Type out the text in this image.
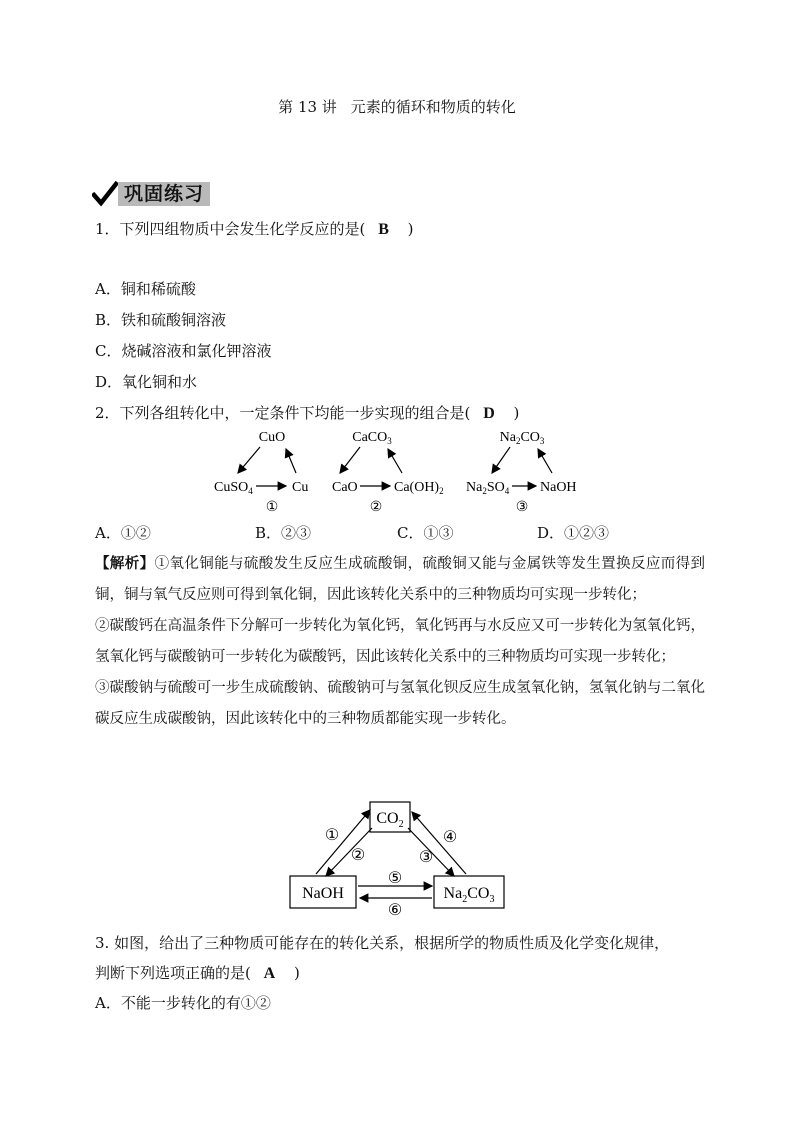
第 13 讲 元素的循环和物质的转化
巩固练习
1．下列四组物质中会发生化学反应的是( B )
A．铜和稀硫酸
B．铁和硫酸铜溶液
C．烧碱溶液和氯化钾溶液
D．氧化铜和水
2．下列各组转化中，一定条件下均能一步实现的组合是( D )
CuO
CuSO$_4$	Cu
①
CaCO$_3$
CaO	$Ca(OH)_2$
②
$Na_2CO_3$
$Na_2SO_4$ NaOH
③
A．①②	B．②③	C．①③	D．①②③
【解析】①氧化铜能与硫酸发生反应生成硫酸铜，硫酸铜又能与金属铁等发生置换反应而得到铜，铜与氧气反应则可得到氧化铜，因此该转化关系中的三种物质均可实现一步转化；
②碳酸钙在高温条件下分解可一步转化为氧化钙，氧化钙再与水反应又可一步转化为氢氧化钙，氢氧化钙与碳酸钠可一步转化为碳酸钙，因此该转化关系中的三种物质均可实现一步转化；
③碳酸钠与硫酸可一步生成硫酸钠、硫酸钠可与氢氧化钡反应生成氢氧化钠，氢氧化钠与二氧化碳反应生成碳酸钠，因此该转化中的三种物质都能实现一步转化。
$CO_2$
NaOH	$Na_2CO_3$
①
②	③
④
⑤
⑥
3. 如图，给出了三种物质可能存在的转化关系，根据所学的物质性质及化学变化规律，
判断下列选项正确的是( A )
A．不能一步转化的有①②
